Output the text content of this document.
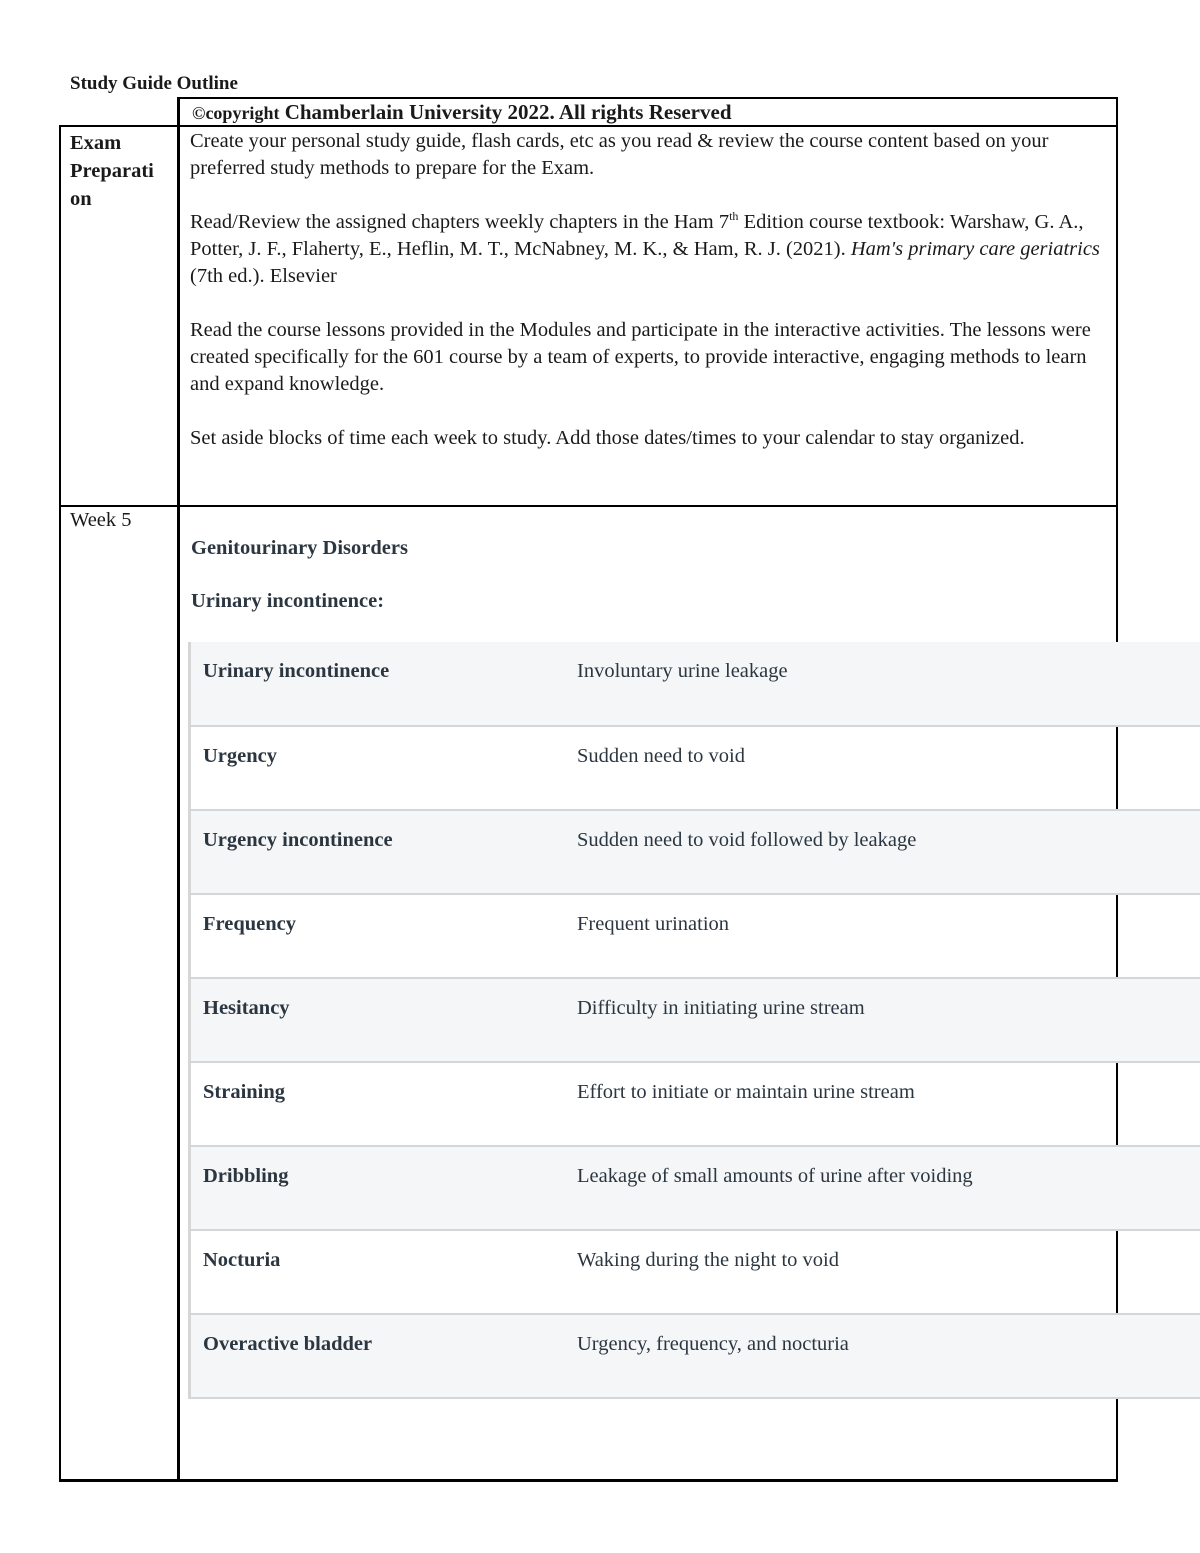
Study Guide Outline
©copyright Chamberlain University 2022. All rights Reserved
Exam Preparati on

Create your personal study guide, flash cards, etc as you read & review the course content based on your preferred study methods to prepare for the Exam.

Read/Review the assigned chapters weekly chapters in the Ham 7th Edition course textbook: Warshaw, G. A., Potter, J. F., Flaherty, E., Heflin, M. T., McNabney, M. K., & Ham, R. J. (2021). Ham's primary care geriatrics (7th ed.). Elsevier

Read the course lessons provided in the Modules and participate in the interactive activities. The lessons were created specifically for the 601 course by a team of experts, to provide interactive, engaging methods to learn and expand knowledge.

Set aside blocks of time each week to study. Add those dates/times to your calendar to stay organized.

Week 5
Genitourinary Disorders
Urinary incontinence:
Urinary incontinence	Involuntary urine leakage
Urgency	Sudden need to void
Urgency incontinence	Sudden need to void followed by leakage
Frequency	Frequent urination
Hesitancy	Difficulty in initiating urine stream
Straining	Effort to initiate or maintain urine stream
Dribbling	Leakage of small amounts of urine after voiding
Nocturia	Waking during the night to void
Overactive bladder	Urgency, frequency, and nocturia
